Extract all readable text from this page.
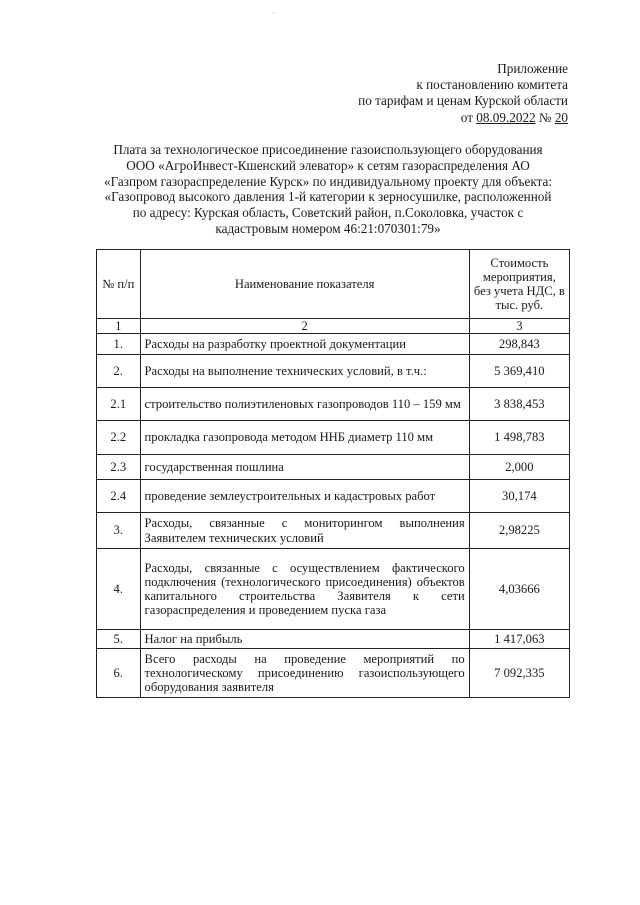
'
Приложение
к постановлению комитета
по тарифам и ценам Курской области
от 08.09.2022 № 20
Плата за технологическое присоединение газоиспользующего оборудования
ООО «АгроИнвест-Кшенский элеватор» к сетям газораспределения АО
«Газпром газораспределение Курск» по индивидуальному проекту для объекта:
«Газопровод высокого давления 1-й категории к зерносушилке, расположенной
по адресу: Курская область, Советский район, п.Соколовка, участок с
кадастровым номером 46:21:070301:79»
№ п/п	Наименование показателя	Стоимость мероприятия, без учета НДС, в тыс. руб.
1	2	3
1.	Расходы на разработку проектной документации	298,843
2.	Расходы на выполнение технических условий, в т.ч.:	5 369,410
2.1	строительство полиэтиленовых газопроводов 110 – 159 мм	3 838,453
2.2	прокладка газопровода методом ННБ диаметр 110 мм	1 498,783
2.3	государственная пошлина	2,000
2.4	проведение землеустроительных и кадастровых работ	30,174
3.	Расходы, связанные с мониторингом выполнения Заявителем технических условий	2,98225
4.	Расходы, связанные с осуществлением фактического подключения (технологического присоединения) объектов капитального строительства Заявителя к сети газораспределения и проведением пуска газа	4,03666
5.	Налог на прибыль	1 417,063
6.	Всего расходы на проведение мероприятий по технологическому присоединению газоиспользующего оборудования заявителя	7 092,335
